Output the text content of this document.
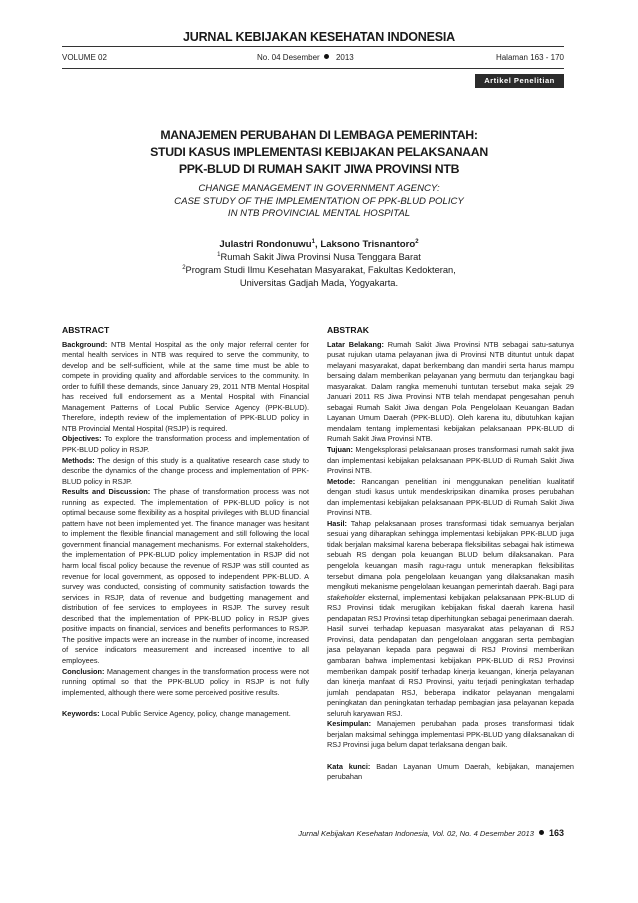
JURNAL KEBIJAKAN KESEHATAN INDONESIA
VOLUME 02	No. 04 Desember 2013	Halaman 163 - 170
Artikel Penelitian
MANAJEMEN PERUBAHAN DI LEMBAGA PEMERINTAH:
STUDI KASUS IMPLEMENTASI KEBIJAKAN PELAKSANAAN
PPK-BLUD DI RUMAH SAKIT JIWA PROVINSI NTB
CHANGE MANAGEMENT IN GOVERNMENT AGENCY:
CASE STUDY OF THE IMPLEMENTATION OF PPK-BLUD POLICY
IN NTB PROVINCIAL MENTAL HOSPITAL
Julastri Rondonuwu$^1$, Laksono Trisnantoro$^2$
$^1$Rumah Sakit Jiwa Provinsi Nusa Tenggara Barat
$^2$Program Studi Ilmu Kesehatan Masyarakat, Fakultas Kedokteran,
Universitas Gadjah Mada, Yogyakarta.
ABSTRACT

Background: NTB Mental Hospital as the only major referral center for mental health services in NTB was required to serve the community, to develop and be self-sufficient, while at the same time must be able to compete in providing quality and affordable services to the community. In order to fulfill these demands, since January 29, 2011 NTB Mental Hospital has received full endorsement as a Mental Hospital with Financial Management Patterns of Local Public Service Agency (PPK-BLUD). Therefore, indepth review of the implementation of PPK-BLUD policy in NTB Provincial Mental Hospital (RSJP) is required.

Objectives: To explore the transformation process and implementation of PPK-BLUD policy in RSJP.

Methods: The design of this study is a qualitative research case study to describe the dynamics of the change process and implementation of PPK-BLUD policy in RSJP.

Results and Discussion: The phase of transformation process was not running as expected. The implementation of PPK-BLUD policy is not optimal because some flexibility as a hospital privileges with BLUD financial pattern have not been implemented yet. The finance manager was hesitant to implement the flexible financial management and still following the local government financial management mechanisms. For external stakeholders, the implementation of PPK-BLUD policy implementation in RSJP did not harm local fiscal policy because the revenue of RSJP was still counted as revenue for local government, as opposed to independent PPK-BLUD. A survey was conducted, consisting of community satisfaction towards the services in RSJP, data of revenue and budgetting management and distribution of fee services to employees in RSJP. The survey result described that the implementation of PPK-BLUD policy in RSJP gives positive impacts on financial, services and benefits performances to RSJP. The positive impacts were an increase in the number of income, increased of service indicators measurement and increased incentive to all employees.

Conclusion: Management changes in the transformation process were not running optimal so that the PPK-BLUD policy in RSJP is not fully implemented, although there were some perceived positive results.

Keywords: Local Public Service Agency, policy, change management.

ABSTRAK

Latar Belakang: Rumah Sakit Jiwa Provinsi NTB sebagai satu-satunya pusat rujukan utama pelayanan jiwa di Provinsi NTB dituntut untuk dapat melayani masyarakat, dapat berkembang dan mandiri serta harus mampu bersaing dalam memberikan pelayanan yang bermutu dan terjangkau bagi masyarakat. Dalam rangka memenuhi tuntutan tersebut maka sejak 29 Januari 2011 RS Jiwa Provinsi NTB telah mendapat pengesahan penuh sebagai Rumah Sakit Jiwa dengan Pola Pengelolaan Keuangan Badan Layanan Umum Daerah (PPK-BLUD). Oleh karena itu, dibutuhkan kajian mendalam tentang implementasi kebijakan pelaksanaan PPK-BLUD di Rumah Sakit Jiwa Provinsi NTB.

Tujuan: Mengeksplorasi pelaksanaan proses transformasi rumah sakit jiwa dan implementasi kebijakan pelaksanaan PPK-BLUD di Rumah Sakit Jiwa Provinsi NTB.

Metode: Rancangan penelitian ini menggunakan penelitian kualitatif dengan studi kasus untuk mendeskripsikan dinamika proses perubahan dan implementasi kebijakan pelaksanaan PPK-BLUD di Rumah Sakit Jiwa Provinsi NTB.

Hasil: Tahap pelaksanaan proses transformasi tidak semuanya berjalan sesuai yang diharapkan sehingga implementasi kebijakan PPK-BLUD juga tidak berjalan maksimal karena beberapa fleksibilitas sebagai hak istimewa sebuah RS dengan pola keuangan BLUD belum dilaksanakan. Para pengelola keuangan masih ragu-ragu untuk menerapkan fleksibilitas tersebut dimana pola pengelolaan keuangan yang dilaksanakan masih mengikuti mekanisme pengelolaan keuangan pemerintah daerah. Bagi para stakeholder eksternal, implementasi kebijakan pelaksanaan PPK-BLUD di RSJ Provinsi tidak merugikan kebijakan fiskal daerah karena hasil pendapatan RSJ Provinsi tetap diperhitungkan sebagai penerimaan daerah. Hasil survei terhadap kepuasan masyarakat atas pelayanan di RSJ Provinsi, data pendapatan dan pengelolaan anggaran serta pembagian jasa pelayanan kepada para pegawai di RSJ Provinsi memberikan gambaran bahwa implementasi kebijakan PPK-BLUD di RSJ Provinsi memberikan dampak positif terhadap kinerja keuangan, kinerja pelayanan dan kinerja manfaat di RSJ Provinsi, yaitu terjadi peningkatan terhadap jumlah pendapatan RSJ, beberapa indikator pelayanan mengalami peningkatan dan peningkatan terhadap pembagian jasa pelayanan kepada seluruh karyawan RSJ.

Kesimpulan: Manajemen perubahan pada proses transformasi tidak berjalan maksimal sehingga implementasi PPK-BLUD yang dilaksanakan di RSJ Provinsi juga belum dapat terlaksana dengan baik.

Kata kunci: Badan Layanan Umum Daerah, kebijakan, manajemen perubahan

Jurnal Kebijakan Kesehatan Indonesia, Vol. 02, No. 4 Desember 2013 163
